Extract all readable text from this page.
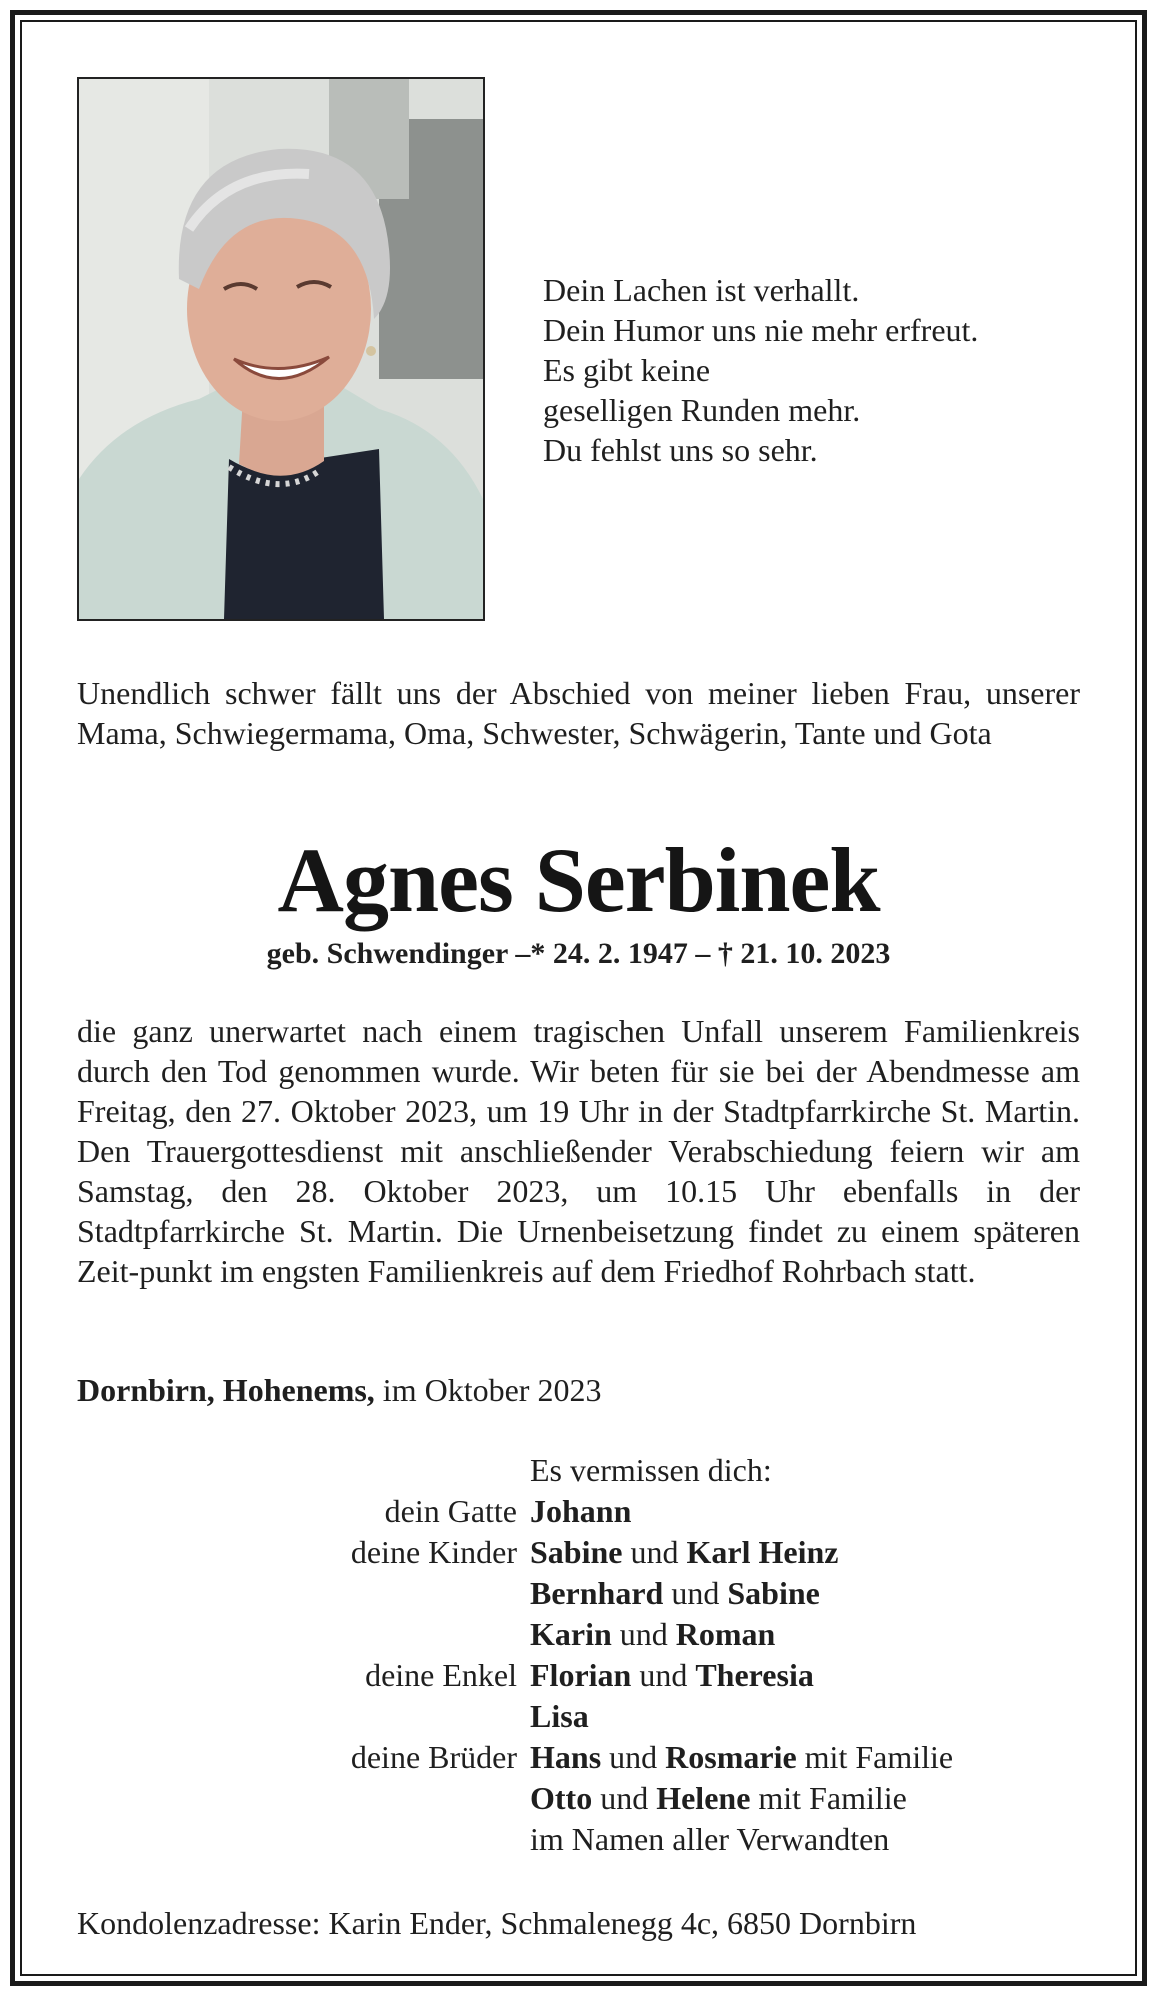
Dein Lachen ist verhallt.
Dein Humor uns nie mehr erfreut.
Es gibt keine
geselligen Runden mehr.
Du fehlst uns so sehr.
Unendlich schwer fällt uns der Abschied von meiner lieben Frau, unserer Mama, Schwiegermama, Oma, Schwester, Schwägerin, Tante und Gota
Agnes Serbinek
geb. Schwendinger –* 24. 2. 1947 – † 21. 10. 2023
die ganz unerwartet nach einem tragischen Unfall unserem Familienkreis durch den Tod genommen wurde. Wir beten für sie bei der Abendmesse am Freitag, den 27. Oktober 2023, um 19 Uhr in der Stadtpfarrkirche St. Martin. Den Trauergottesdienst mit anschließender Verabschiedung feiern wir am Samstag, den 28. Oktober 2023, um 10.15 Uhr ebenfalls in der Stadtpfarrkirche St. Martin. Die Urnenbeisetzung findet zu einem späteren Zeit-punkt im engsten Familienkreis auf dem Friedhof Rohrbach statt.
Dornbirn, Hohenems, im Oktober 2023
Es vermissen dich:
dein Gatte Johann
deine Kinder Sabine und Karl Heinz
Bernhard und Sabine
Karin und Roman
deine Enkel Florian und Theresia
Lisa
deine Brüder Hans und Rosmarie mit Familie
Otto und Helene mit Familie
im Namen aller Verwandten
Kondolenzadresse: Karin Ender, Schmalenegg 4c, 6850 Dornbirn
